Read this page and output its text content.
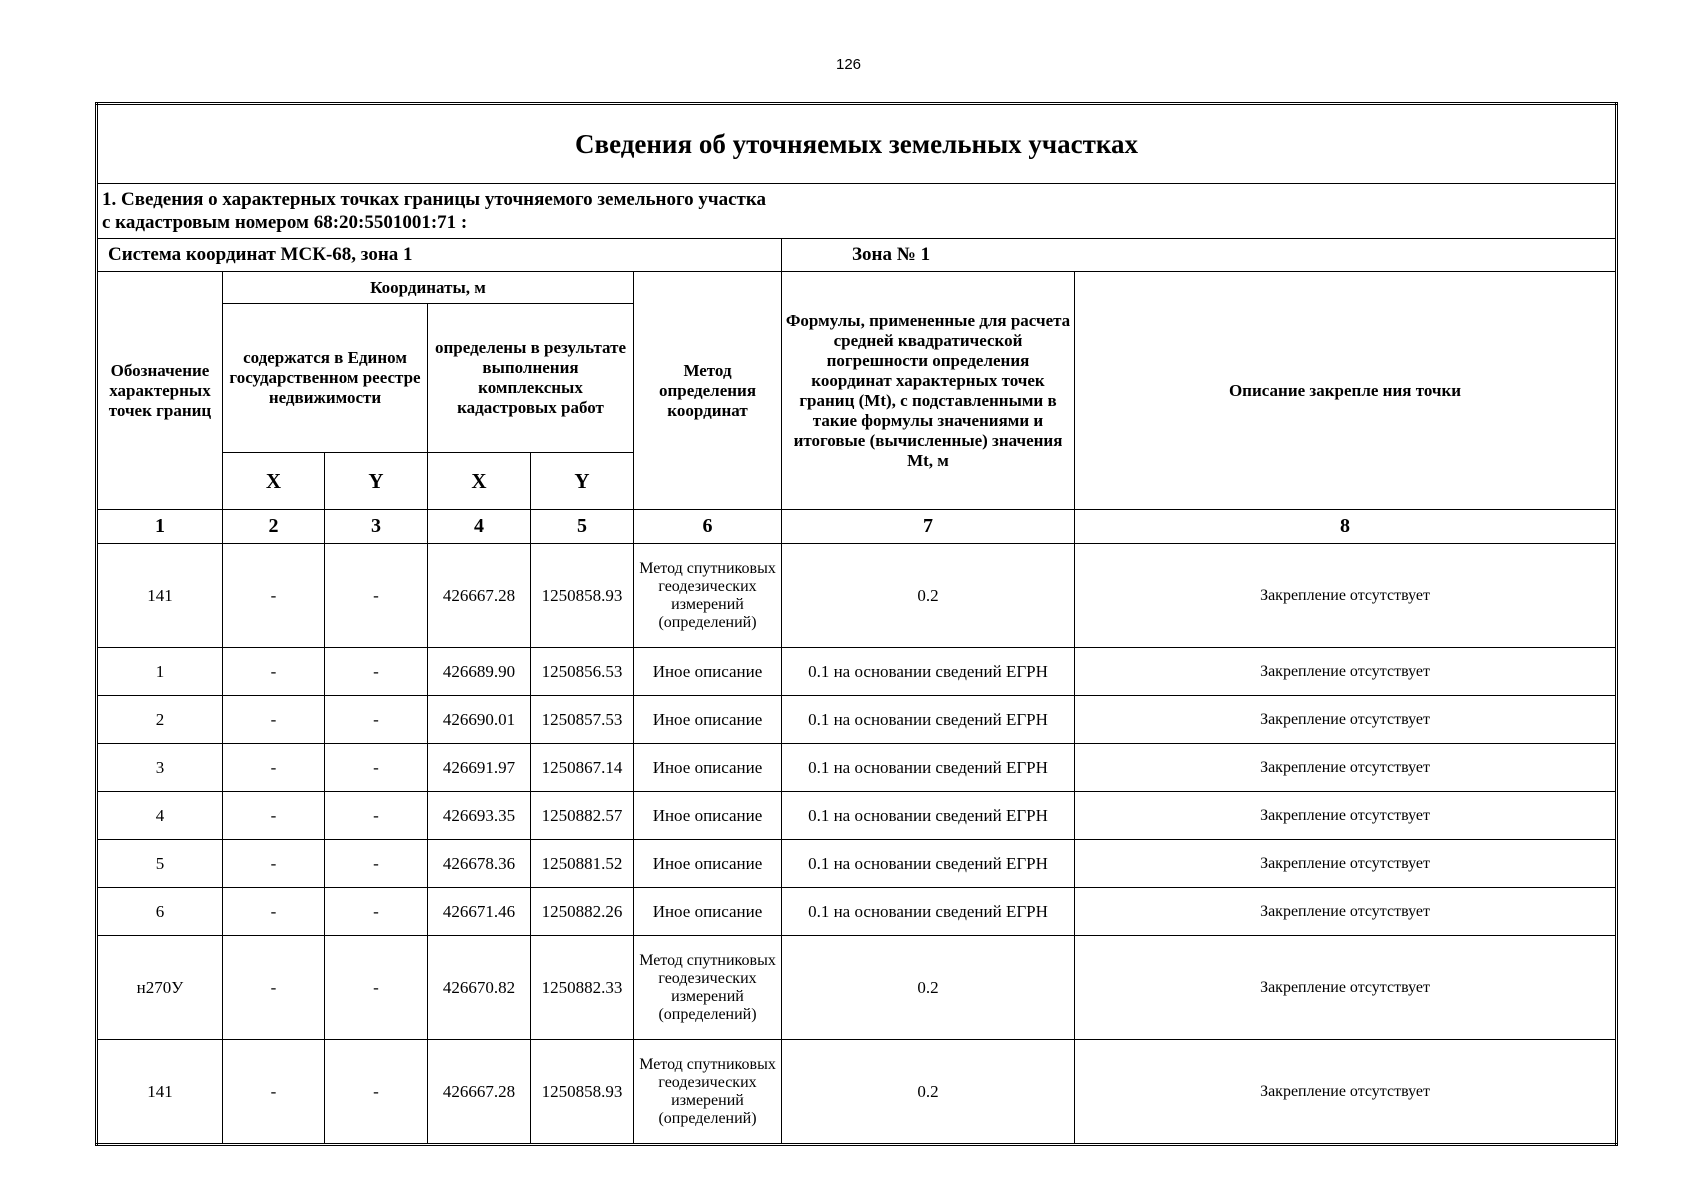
126
Сведения об уточняемых земельных участках							

1. Сведения о характерных точках границы уточняемого земельного участка
с кадастровым номером 68:20:5501001:71 :							

Система координат МСК-68, зона 1						Зона № 1	
Обозначение характерных точек границ	Координаты, м				Метод определения координат	Формулы, примененные для расчета средней квадратической погрешности определения координат характерных точек границ (Mt), с подставленными в такие формулы значениями и итоговые (вычисленные) значения Mt, м	Описание закрепле ния точки
	содержатся в Едином государственном реестре недвижимости		определены в результате выполнения комплексных кадастровых работ				
	X	Y	X	Y			
1	2	3	4	5	6	7	8
141	-	-	426667.28	1250858.93	Метод спутниковых геодезических измерений (определений)	0.2	Закрепление отсутствует
1	-	-	426689.90	1250856.53	Иное описание	0.1 на основании сведений ЕГРН	Закрепление отсутствует
2	-	-	426690.01	1250857.53	Иное описание	0.1 на основании сведений ЕГРН	Закрепление отсутствует
3	-	-	426691.97	1250867.14	Иное описание	0.1 на основании сведений ЕГРН	Закрепление отсутствует
4	-	-	426693.35	1250882.57	Иное описание	0.1 на основании сведений ЕГРН	Закрепление отсутствует
5	-	-	426678.36	1250881.52	Иное описание	0.1 на основании сведений ЕГРН	Закрепление отсутствует
6	-	-	426671.46	1250882.26	Иное описание	0.1 на основании сведений ЕГРН	Закрепление отсутствует
н270У	-	-	426670.82	1250882.33	Метод спутниковых геодезических измерений (определений)	0.2	Закрепление отсутствует
141	-	-	426667.28	1250858.93	Метод спутниковых геодезических измерений (определений)	0.2	Закрепление отсутствует
